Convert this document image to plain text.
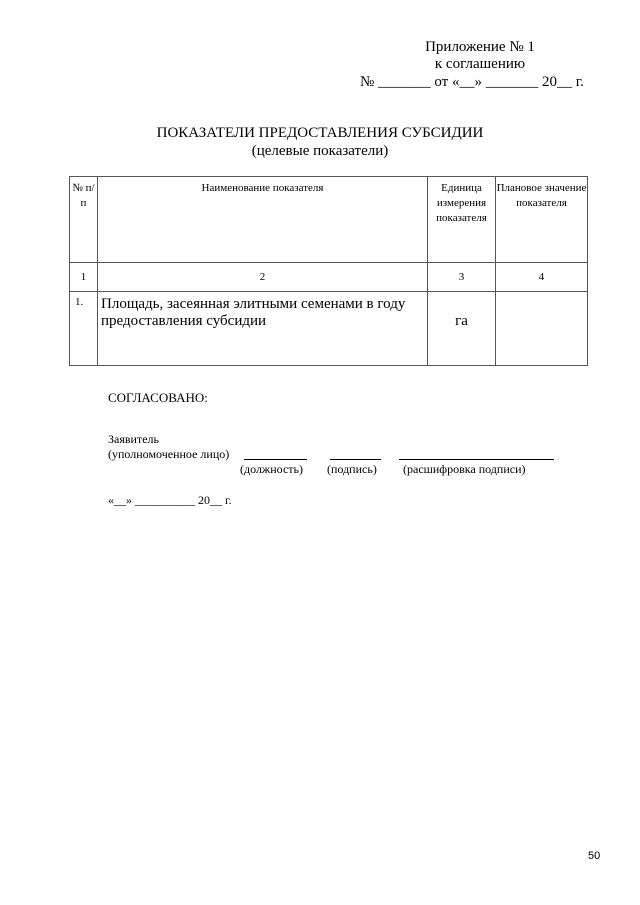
Приложение № 1
к соглашению
№ _______ от «__» _______ 20__ г.
ПОКАЗАТЕЛИ ПРЕДОСТАВЛЕНИЯ СУБСИДИИ
(целевые показатели)
№ п/п	Наименование показателя	Единица измерения показателя	Плановое значение показателя
1	2	3	4
1.	Площадь, засеянная элитными семенами в году предоставления субсидии	га	
СОГЛАСОВАНО:
Заявитель
(уполномоченное лицо)
(должность) (подпись) (расшифровка подписи)
«__» __________ 20__ г.
50
